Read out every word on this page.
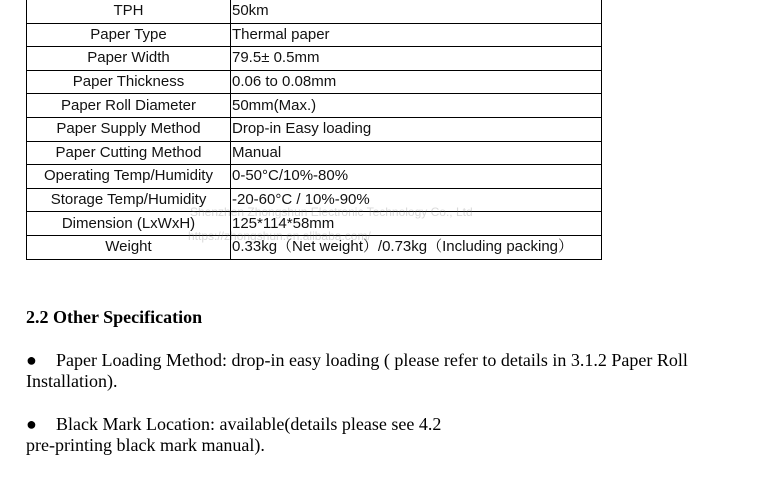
TPH	50km
Paper Type	Thermal paper
Paper Width	79.5± 0.5mm
Paper Thickness	0.06 to 0.08mm
Paper Roll Diameter	50mm(Max.)
Paper Supply Method	Drop-in Easy loading
Paper Cutting Method	Manual
Operating Temp/Humidity	0-50°C/10%-80%
Storage Temp/Humidity	-20-60°C / 10%-90%
Dimension (LxWxH)	125*114*58mm
Weight	0.33kg（Net weight）/0.73kg（Including packing）
Shenzhen Zhongshun Electronic Technology Co., Ltd
https://zhongshun.en.alibaba.com/
2.2 Other Specification

● Paper Loading Method: drop-in easy loading ( please refer to details in 3.1.2 Paper Roll
Installation).

● Black Mark Location: available(details please see 4.2
pre-printing black mark manual).
